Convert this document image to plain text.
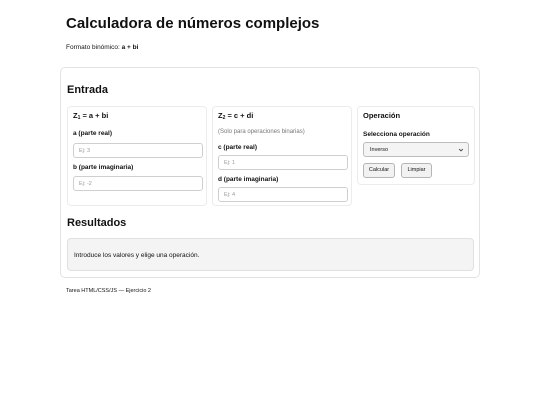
Calculadora de números complejos

Formato binómico: a + bi

Entrada
$Z_1 = a$ + bi

a (parte real)

Ej: 3

b (parte imaginaria)

Ej: -2
$Z_2 = c$ + di

(Solo para operaciones binarias)

c (parte real)

Ej: 1

d (parte imaginaria)

Ej: 4
Operación

Selecciona operación

Inverso
Calcular	Limpiar
Resultados

Introduce los valores y elige una operación.

Tarea HTML/CSS/JS — Ejercicio 2
